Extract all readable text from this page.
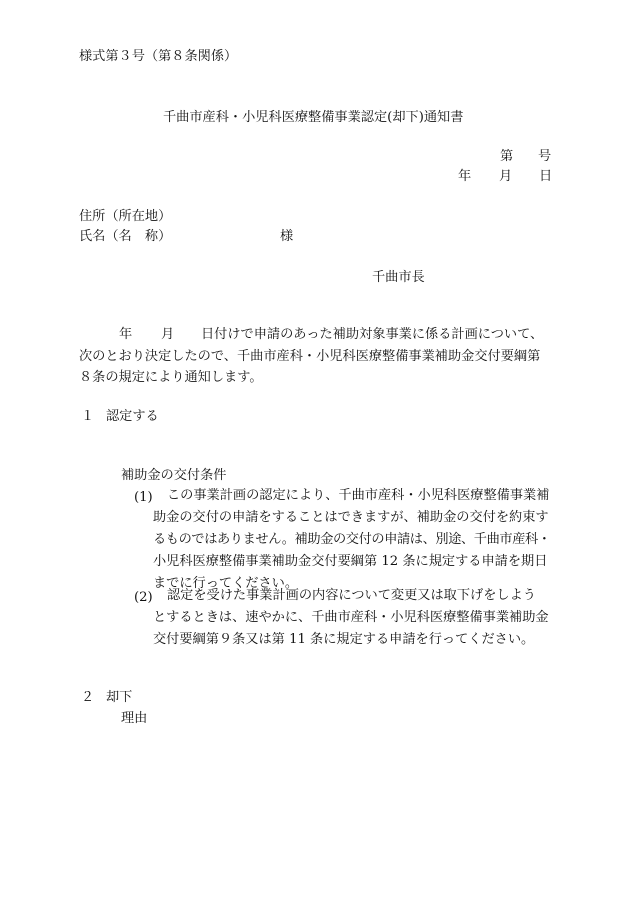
様式第３号（第８条関係）
千曲市産科・小児科医療整備事業認定(却下)通知書
第 号
年 月 日
住所（所在地）
氏名（名　称）	様
千曲市長
年 月 日付けで申請のあった補助対象事業に係る計画について、
次のとおり決定したので、千曲市産科・小児科医療整備事業補助金交付要綱第
８条の規定により通知します。
１ 認定する
補助金の交付条件
(1) この事業計画の認定により、千曲市産科・小児科医療整備事業補
助金の交付の申請をすることはできますが、補助金の交付を約束す
るものではありません。補助金の交付の申請は、別途、千曲市産科・
小児科医療整備事業補助金交付要綱第 12 条に規定する申請を期日
までに行ってください。
(2) 認定を受けた事業計画の内容について変更又は取下げをしよう
とするときは、速やかに、千曲市産科・小児科医療整備事業補助金
交付要綱第９条又は第 11 条に規定する申請を行ってください。
２ 却下
理由
